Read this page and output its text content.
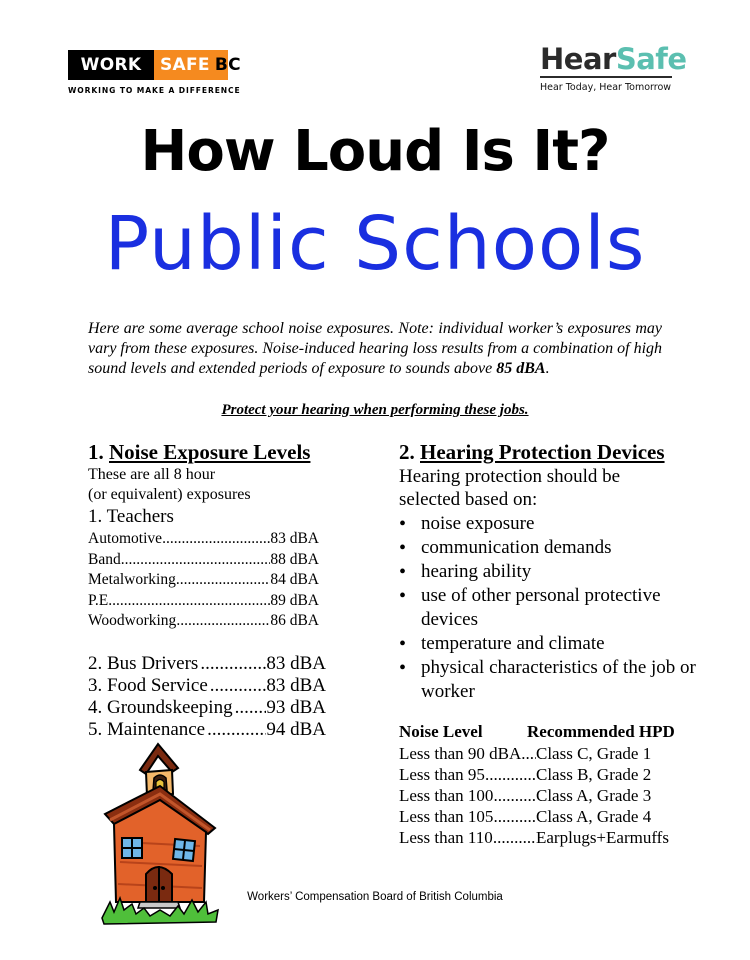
WORK	SAFE BC
WORKING TO MAKE A DIFFERENCE
HearSafe
Hear Today, Hear Tomorrow
How Loud Is It?
Public Schools
Here are some average school noise exposures. Note: individual worker’s exposures may vary from these exposures. Noise-induced hearing loss results from a combination of high sound levels and extended periods of exposure to sounds above 85 dBA.
Protect your hearing when performing these jobs.
1. Noise Exposure Levels
These are all 8 hour
(or equivalent) exposures
1. Teachers
Automotive .....	83 dBA
Band .....	88 dBA
Metalworking .....	84 dBA
P.E. .....	89 dBA
Woodworking .....	86 dBA
2. Bus Drivers .....	83 dBA
3. Food Service .....	83 dBA
4. Groundskeeping ..... 93 dBA
5. Maintenance .....	94 dBA
2. Hearing Protection Devices
Hearing protection should be
selected based on:
• noise exposure
• communication demands
• hearing ability
• use of other personal protective devices
• temperature and climate
• physical characteristics of the job or worker
Noise Level	Recommended HPD
Less than 90 dBA ..... Class C, Grade 1
Less than 95 .....	Class B, Grade 2
Less than 100 .....	Class A, Grade 3
Less than 105 .....	Class A, Grade 4
Less than 110 .....	Earplugs+Earmuffs
Workers’ Compensation Board of British Columbia
